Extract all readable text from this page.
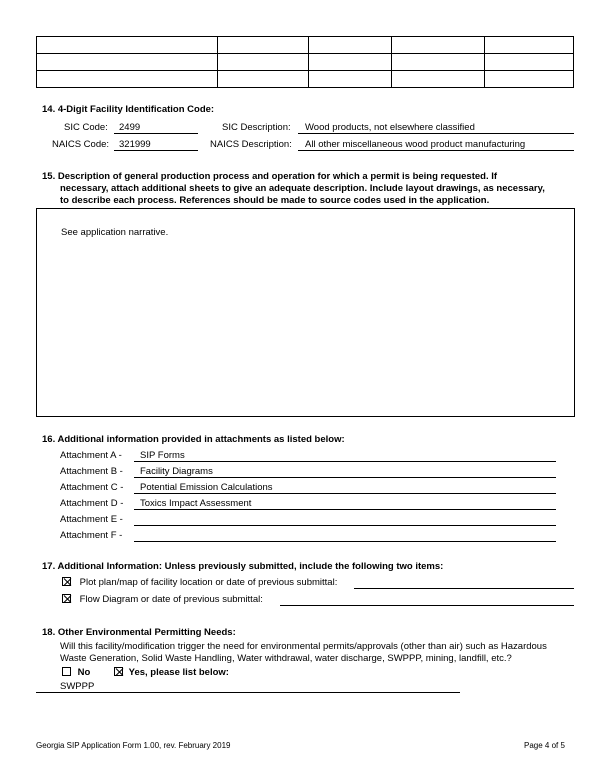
14. 4-Digit Facility Identification Code:
SIC Code: 2499	SIC Description: Wood products, not elsewhere classified
NAICS Code: 321999	NAICS Description: All other miscellaneous wood product manufacturing
15. Description of general production process and operation for which a permit is being requested. If
necessary, attach additional sheets to give an adequate description. Include layout drawings, as necessary,
to describe each process. References should be made to source codes used in the application.
See application narrative.
16. Additional information provided in attachments as listed below:
Attachment A - SIP Forms
Attachment B - Facility Diagrams
Attachment C - Potential Emission Calculations
Attachment D - Toxics Impact Assessment
Attachment E -
Attachment F -
17. Additional Information: Unless previously submitted, include the following two items:
Plot plan/map of facility location or date of previous submittal:
Flow Diagram or date of previous submittal:
18. Other Environmental Permitting Needs:
Will this facility/modification trigger the need for environmental permits/approvals (other than air) such as Hazardous
Waste Generation, Solid Waste Handling, Water withdrawal, water discharge, SWPPP, mining, landfill, etc.?
No	Yes, please list below:
SWPPP
Georgia SIP Application Form 1.00, rev. February 2019	Page 4 of 5
